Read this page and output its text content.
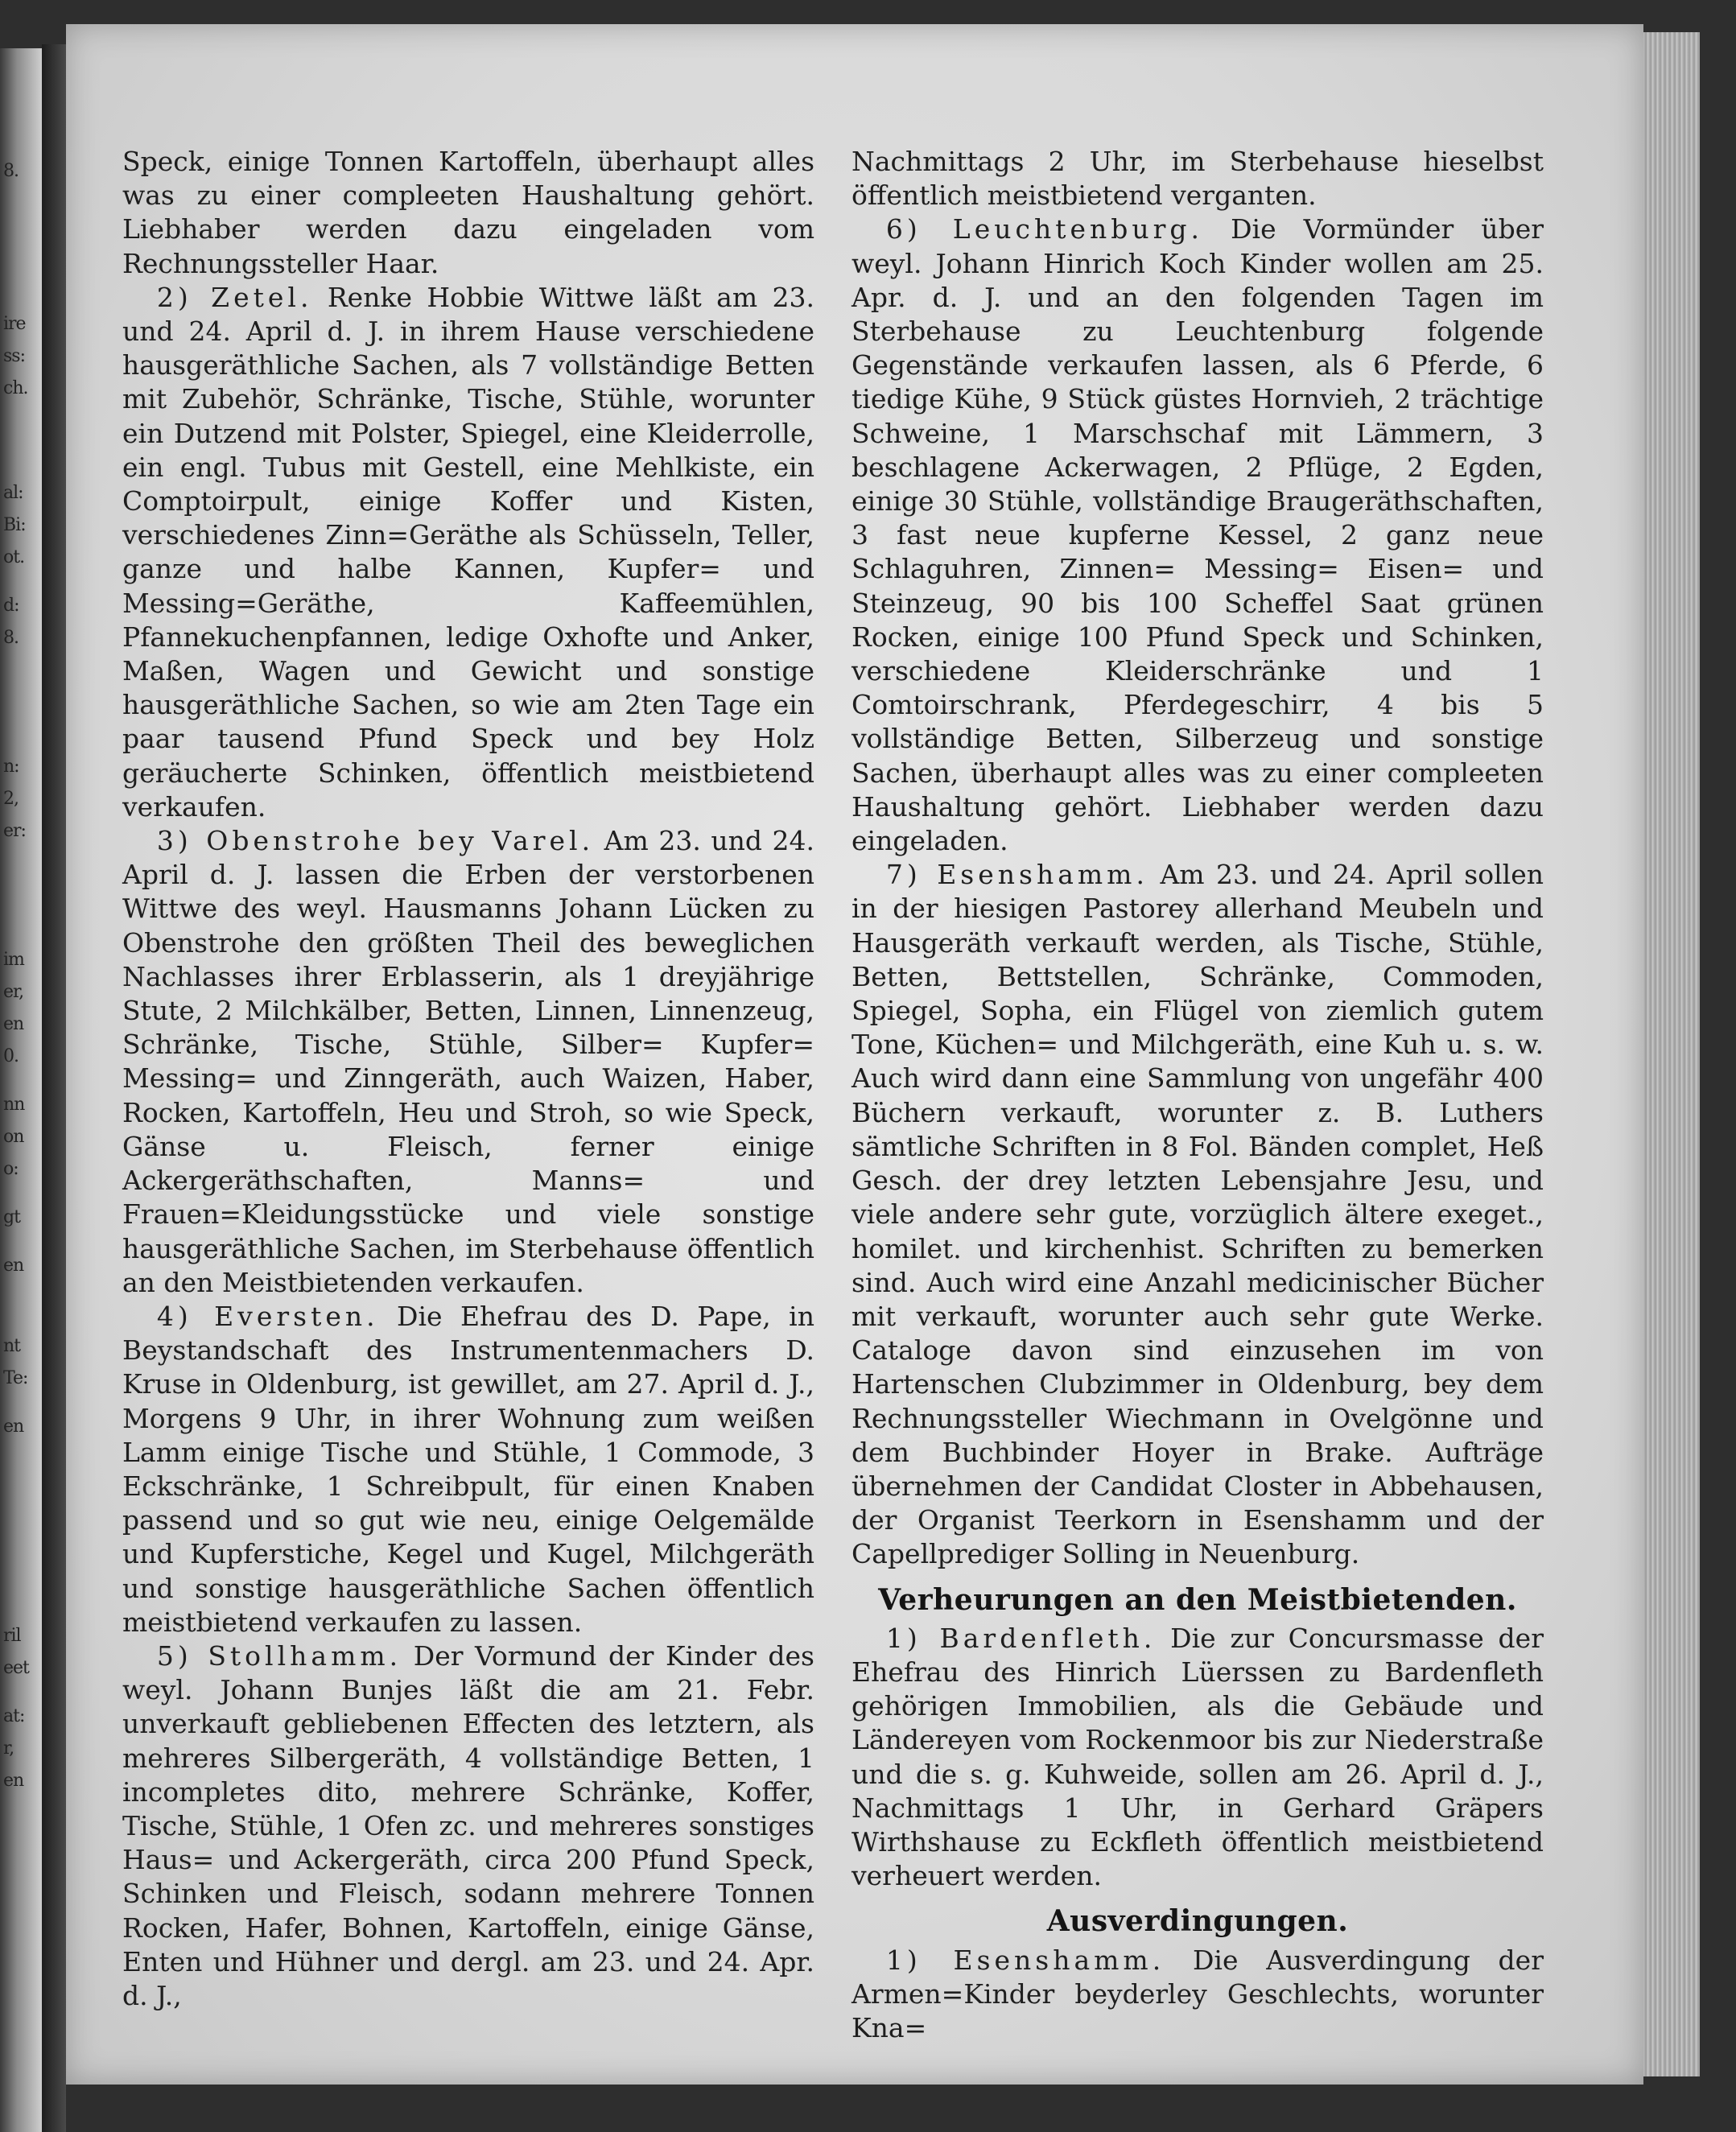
8.
ire
ss:
ch.
al:
Bi:
ot.
d:
8.
n:
2,
er:
im
er,
en
0.
nn
on
o:
gt
en
nt
Te:
en
ril
eet
at:
r,
en

Speck, einige Tonnen Kartoffeln, überhaupt alles was zu einer compleeten Haushaltung gehört. Liebhaber werden dazu eingeladen vom Rechnungssteller Haar.

2) Zetel. Renke Hobbie Wittwe läßt am 23. und 24. April d. J. in ihrem Hause verschiedene hausgeräthliche Sachen, als 7 vollständige Betten mit Zubehör, Schränke, Tische, Stühle, worunter ein Dutzend mit Polster, Spiegel, eine Kleiderrolle, ein engl. Tubus mit Gestell, eine Mehlkiste, ein Comptoirpult, einige Koffer und Kisten, verschiedenes Zinn=Geräthe als Schüsseln, Teller, ganze und halbe Kannen, Kupfer= und Messing=Geräthe, Kaffeemühlen, Pfannekuchenpfannen, ledige Oxhofte und Anker, Maßen, Wagen und Gewicht und sonstige hausgeräthliche Sachen, so wie am 2ten Tage ein paar tausend Pfund Speck und bey Holz geräucherte Schinken, öffentlich meistbietend verkaufen.

3) Obenstrohe bey Varel. Am 23. und 24. April d. J. lassen die Erben der verstorbenen Wittwe des weyl. Hausmanns Johann Lücken zu Obenstrohe den größten Theil des beweglichen Nachlasses ihrer Erblasserin, als 1 dreyjährige Stute, 2 Milchkälber, Betten, Linnen, Linnenzeug, Schränke, Tische, Stühle, Silber= Kupfer= Messing= und Zinngeräth, auch Waizen, Haber, Rocken, Kartoffeln, Heu und Stroh, so wie Speck, Gänse u. Fleisch, ferner einige Ackergeräthschaften, Manns= und Frauen=Kleidungsstücke und viele sonstige hausgeräthliche Sachen, im Sterbehause öffentlich an den Meistbietenden verkaufen.

4) Eversten. Die Ehefrau des D. Pape, in Beystandschaft des Instrumentenmachers D. Kruse in Oldenburg, ist gewillet, am 27. April d. J., Morgens 9 Uhr, in ihrer Wohnung zum weißen Lamm einige Tische und Stühle, 1 Commode, 3 Eckschränke, 1 Schreibpult, für einen Knaben passend und so gut wie neu, einige Oelgemälde und Kupferstiche, Kegel und Kugel, Milchgeräth und sonstige hausgeräthliche Sachen öffentlich meistbietend verkaufen zu lassen.

5) Stollhamm. Der Vormund der Kinder des weyl. Johann Bunjes läßt die am 21. Febr. unverkauft gebliebenen Effecten des letztern, als mehreres Silbergeräth, 4 vollständige Betten, 1 incompletes dito, mehrere Schränke, Koffer, Tische, Stühle, 1 Ofen zc. und mehreres sonstiges Haus= und Ackergeräth, circa 200 Pfund Speck, Schinken und Fleisch, sodann mehrere Tonnen Rocken, Hafer, Bohnen, Kartoffeln, einige Gänse, Enten und Hühner und dergl. am 23. und 24. Apr. d. J.,

Nachmittags 2 Uhr, im Sterbehause hieselbst öffentlich meistbietend verganten.

6) Leuchtenburg. Die Vormünder über weyl. Johann Hinrich Koch Kinder wollen am 25. Apr. d. J. und an den folgenden Tagen im Sterbehause zu Leuchtenburg folgende Gegenstände verkaufen lassen, als 6 Pferde, 6 tiedige Kühe, 9 Stück güstes Hornvieh, 2 trächtige Schweine, 1 Marschschaf mit Lämmern, 3 beschlagene Ackerwagen, 2 Pflüge, 2 Egden, einige 30 Stühle, vollständige Braugeräthschaften, 3 fast neue kupferne Kessel, 2 ganz neue Schlaguhren, Zinnen= Messing= Eisen= und Steinzeug, 90 bis 100 Scheffel Saat grünen Rocken, einige 100 Pfund Speck und Schinken, verschiedene Kleiderschränke und 1 Comtoirschrank, Pferdegeschirr, 4 bis 5 vollständige Betten, Silberzeug und sonstige Sachen, überhaupt alles was zu einer compleeten Haushaltung gehört. Liebhaber werden dazu eingeladen.

7) Esenshamm. Am 23. und 24. April sollen in der hiesigen Pastorey allerhand Meubeln und Hausgeräth verkauft werden, als Tische, Stühle, Betten, Bettstellen, Schränke, Commoden, Spiegel, Sopha, ein Flügel von ziemlich gutem Tone, Küchen= und Milchgeräth, eine Kuh u. s. w. Auch wird dann eine Sammlung von ungefähr 400 Büchern verkauft, worunter z. B. Luthers sämtliche Schriften in 8 Fol. Bänden complet, Heß Gesch. der drey letzten Lebensjahre Jesu, und viele andere sehr gute, vorzüglich ältere exeget., homilet. und kirchenhist. Schriften zu bemerken sind. Auch wird eine Anzahl medicinischer Bücher mit verkauft, worunter auch sehr gute Werke. Cataloge davon sind einzusehen im von Hartenschen Clubzimmer in Oldenburg, bey dem Rechnungssteller Wiechmann in Ovelgönne und dem Buchbinder Hoyer in Brake. Aufträge übernehmen der Candidat Closter in Abbehausen, der Organist Teerkorn in Esenshamm und der Capellprediger Solling in Neuenburg.

Verheurungen an den Meistbietenden.

1) Bardenfleth. Die zur Concursmasse der Ehefrau des Hinrich Lüerssen zu Bardenfleth gehörigen Immobilien, als die Gebäude und Ländereyen vom Rockenmoor bis zur Niederstraße und die s. g. Kuhweide, sollen am 26. April d. J., Nachmittags 1 Uhr, in Gerhard Gräpers Wirthshause zu Eckfleth öffentlich meistbietend verheuert werden.

Ausverdingungen.

1) Esenshamm. Die Ausverdingung der Armen=Kinder beyderley Geschlechts, worunter Kna=
